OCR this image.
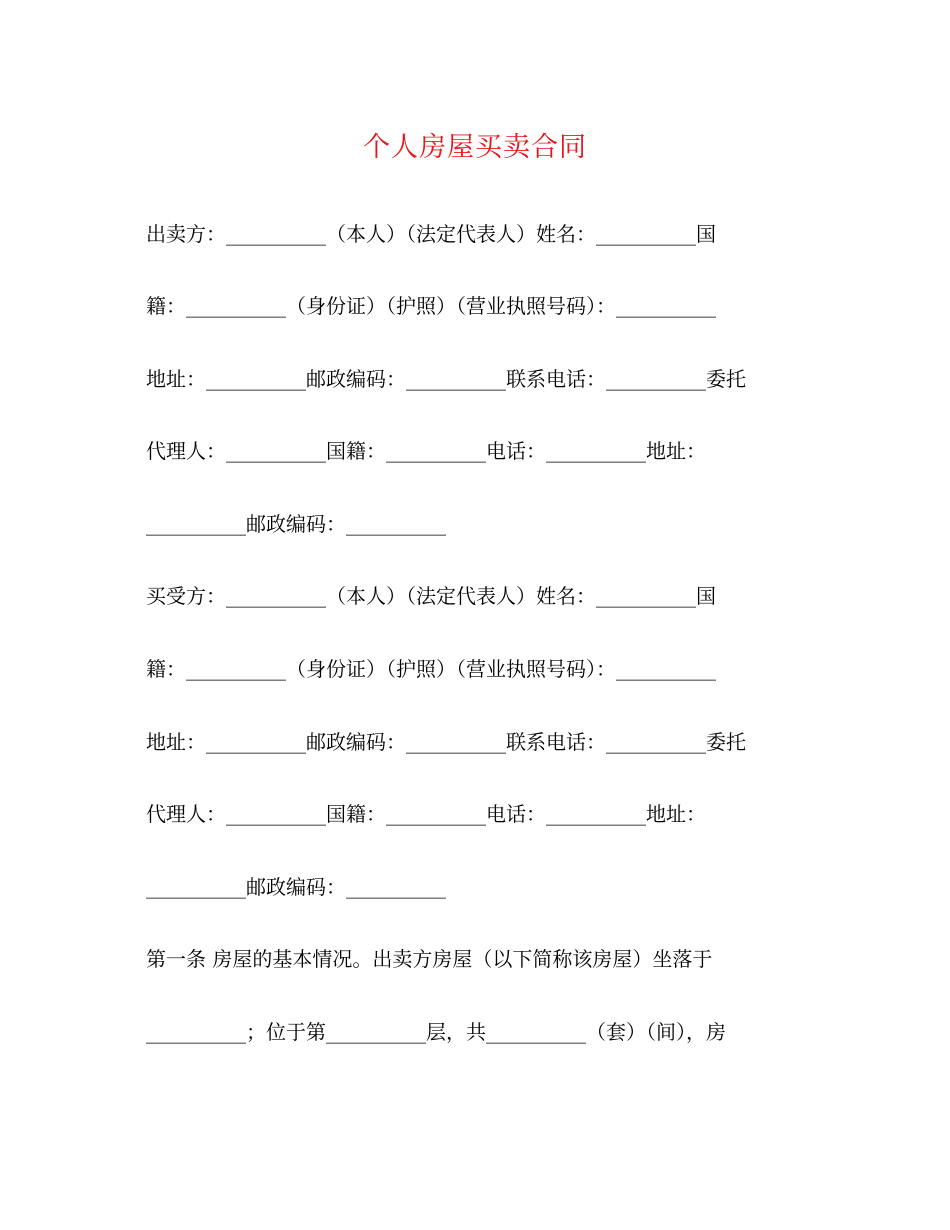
个人房屋买卖合同
出卖方：__________（本人）（法定代表人）姓名：__________国
籍：__________（身份证）（护照）（营业执照号码）：__________
地址：__________邮政编码：__________联系电话：__________委托
代理人：__________国籍：__________电话：__________地址：
__________邮政编码：__________
买受方：__________（本人）（法定代表人）姓名：__________国
籍：__________（身份证）（护照）（营业执照号码）：__________
地址：__________邮政编码：__________联系电话：__________委托
代理人：__________国籍：__________电话：__________地址：
__________邮政编码：__________
第一条 房屋的基本情况。出卖方房屋（以下简称该房屋）坐落于
__________；位于第__________层，共__________（套）（间），房
